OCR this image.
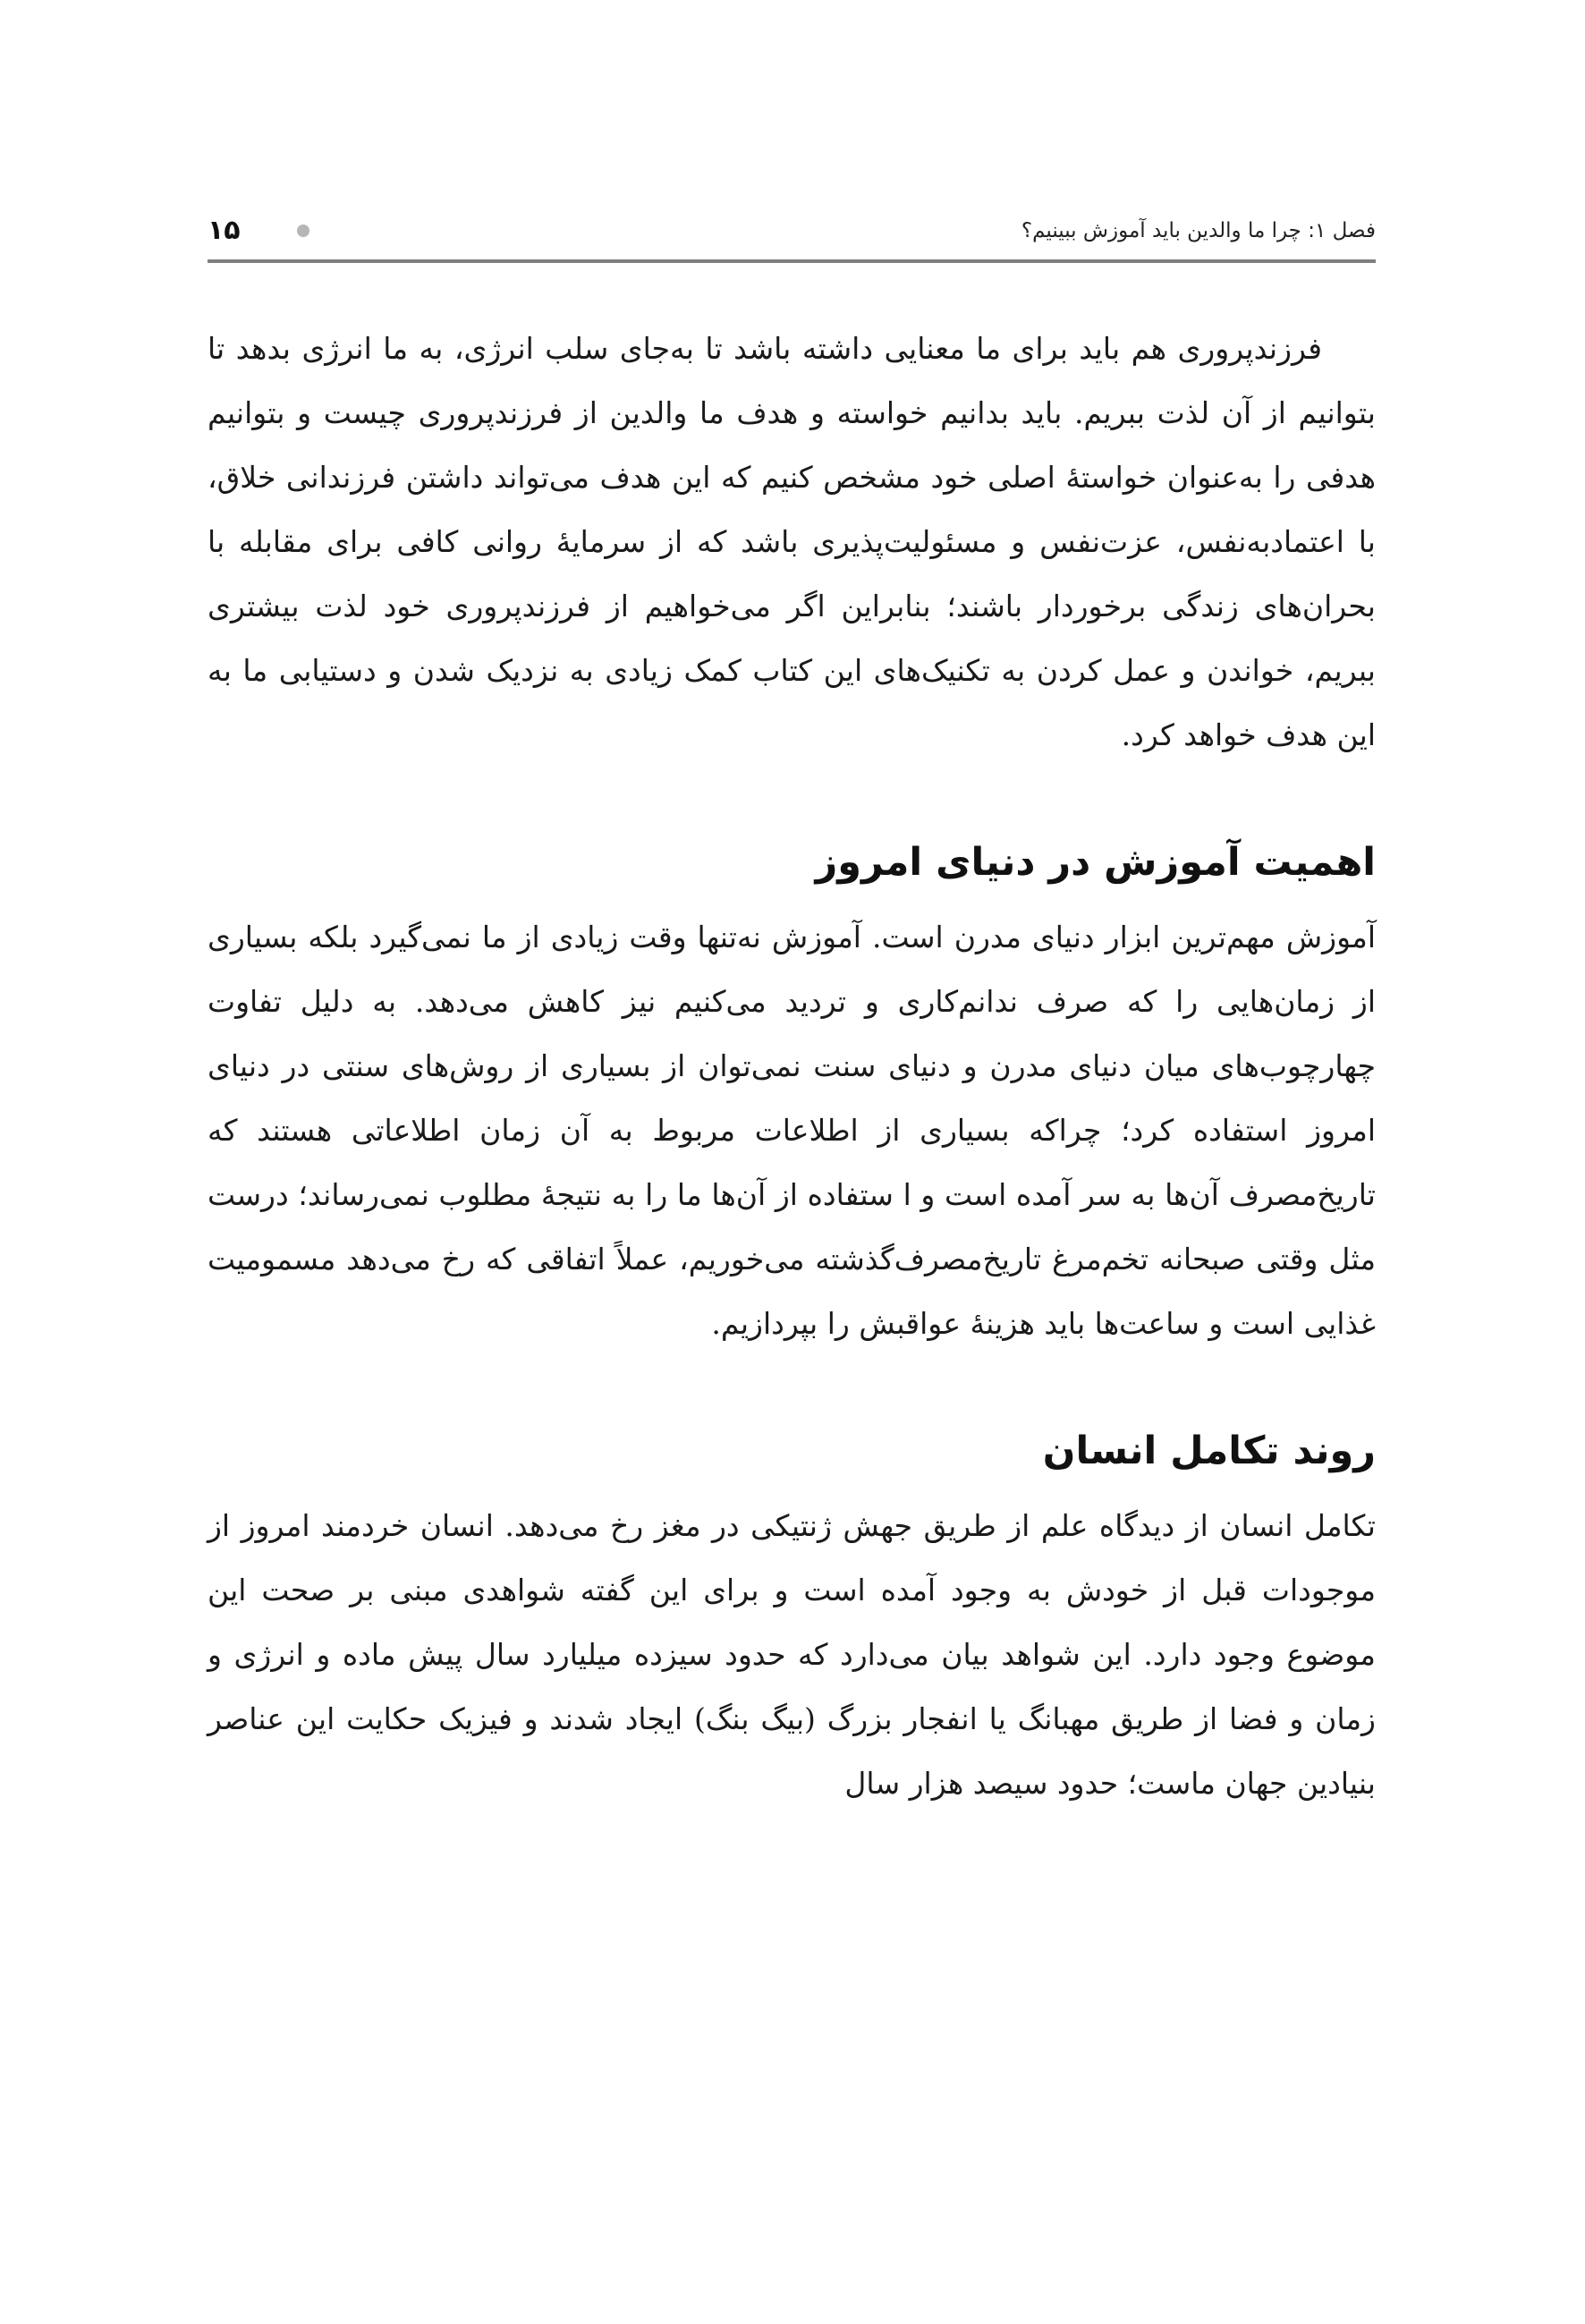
۱۵	فصل ۱: چرا ما والدین باید آموزش ببینیم؟

فرزندپروری هم باید برای ما معنایی داشته باشد تا به‌جای سلب انرژی، به ما انرژی بدهد تا بتوانیم از آن لذت ببریم. باید بدانیم خواسته و هدف ما والدین از فرزندپروری چیست و بتوانیم هدفی را به‌عنوان خواستهٔ اصلی خود مشخص کنیم که این هدف می‌تواند داشتن فرزندانی خلاق، با اعتمادبه‌نفس، عزت‌نفس و مسئولیت‌پذیری باشد که از سرمایهٔ روانی کافی برای مقابله با بحران‌های زندگی برخوردار باشند؛ بنابراین اگر می‌خواهیم از فرزندپروری خود لذت بیشتری ببریم، خواندن و عمل کردن به تکنیک‌های این کتاب کمک زیادی به نزدیک شدن و دستیابی ما به این هدف خواهد کرد.

اهمیت آموزش در دنیای امروز

آموزش مهم‌ترین ابزار دنیای مدرن است. آموزش نه‌تنها وقت زیادی از ما نمی‌گیرد بلکه بسیاری از زمان‌هایی را که صرف ندانم‌کاری و تردید می‌کنیم نیز کاهش می‌دهد. به دلیل تفاوت چهارچوب‌های میان دنیای مدرن و دنیای سنت نمی‌توان از بسیاری از روش‌های سنتی در دنیای امروز استفاده کرد؛ چراکه بسیاری از اطلاعات مربوط به آن زمان اطلاعاتی هستند که تاریخ‌مصرف آن‌ها به سر آمده است و ا ستفاده از آن‌ها ما را به نتیجهٔ مطلوب نمی‌رساند؛ درست مثل وقتی صبحانه تخم‌مرغ تاریخ‌مصرف‌گذشته می‌خوریم، عملاً اتفاقی که رخ می‌دهد مسمومیت غذایی است و ساعت‌ها باید هزینهٔ عواقبش را بپردازیم.

روند تکامل انسان

تکامل انسان از دیدگاه علم از طریق جهش ژنتیکی در مغز رخ می‌دهد. انسان خردمند امروز از موجودات قبل از خودش به وجود آمده است و برای این گفته شواهدی مبنی بر صحت این موضوع وجود دارد. این شواهد بیان می‌دارد که حدود سیزده میلیارد سال پیش ماده و انرژی و زمان و فضا از طریق مهبانگ یا انفجار بزرگ (بیگ بنگ) ایجاد شدند و فیزیک حکایت این عناصر بنیادین جهان ماست؛ حدود سیصد هزار سال
